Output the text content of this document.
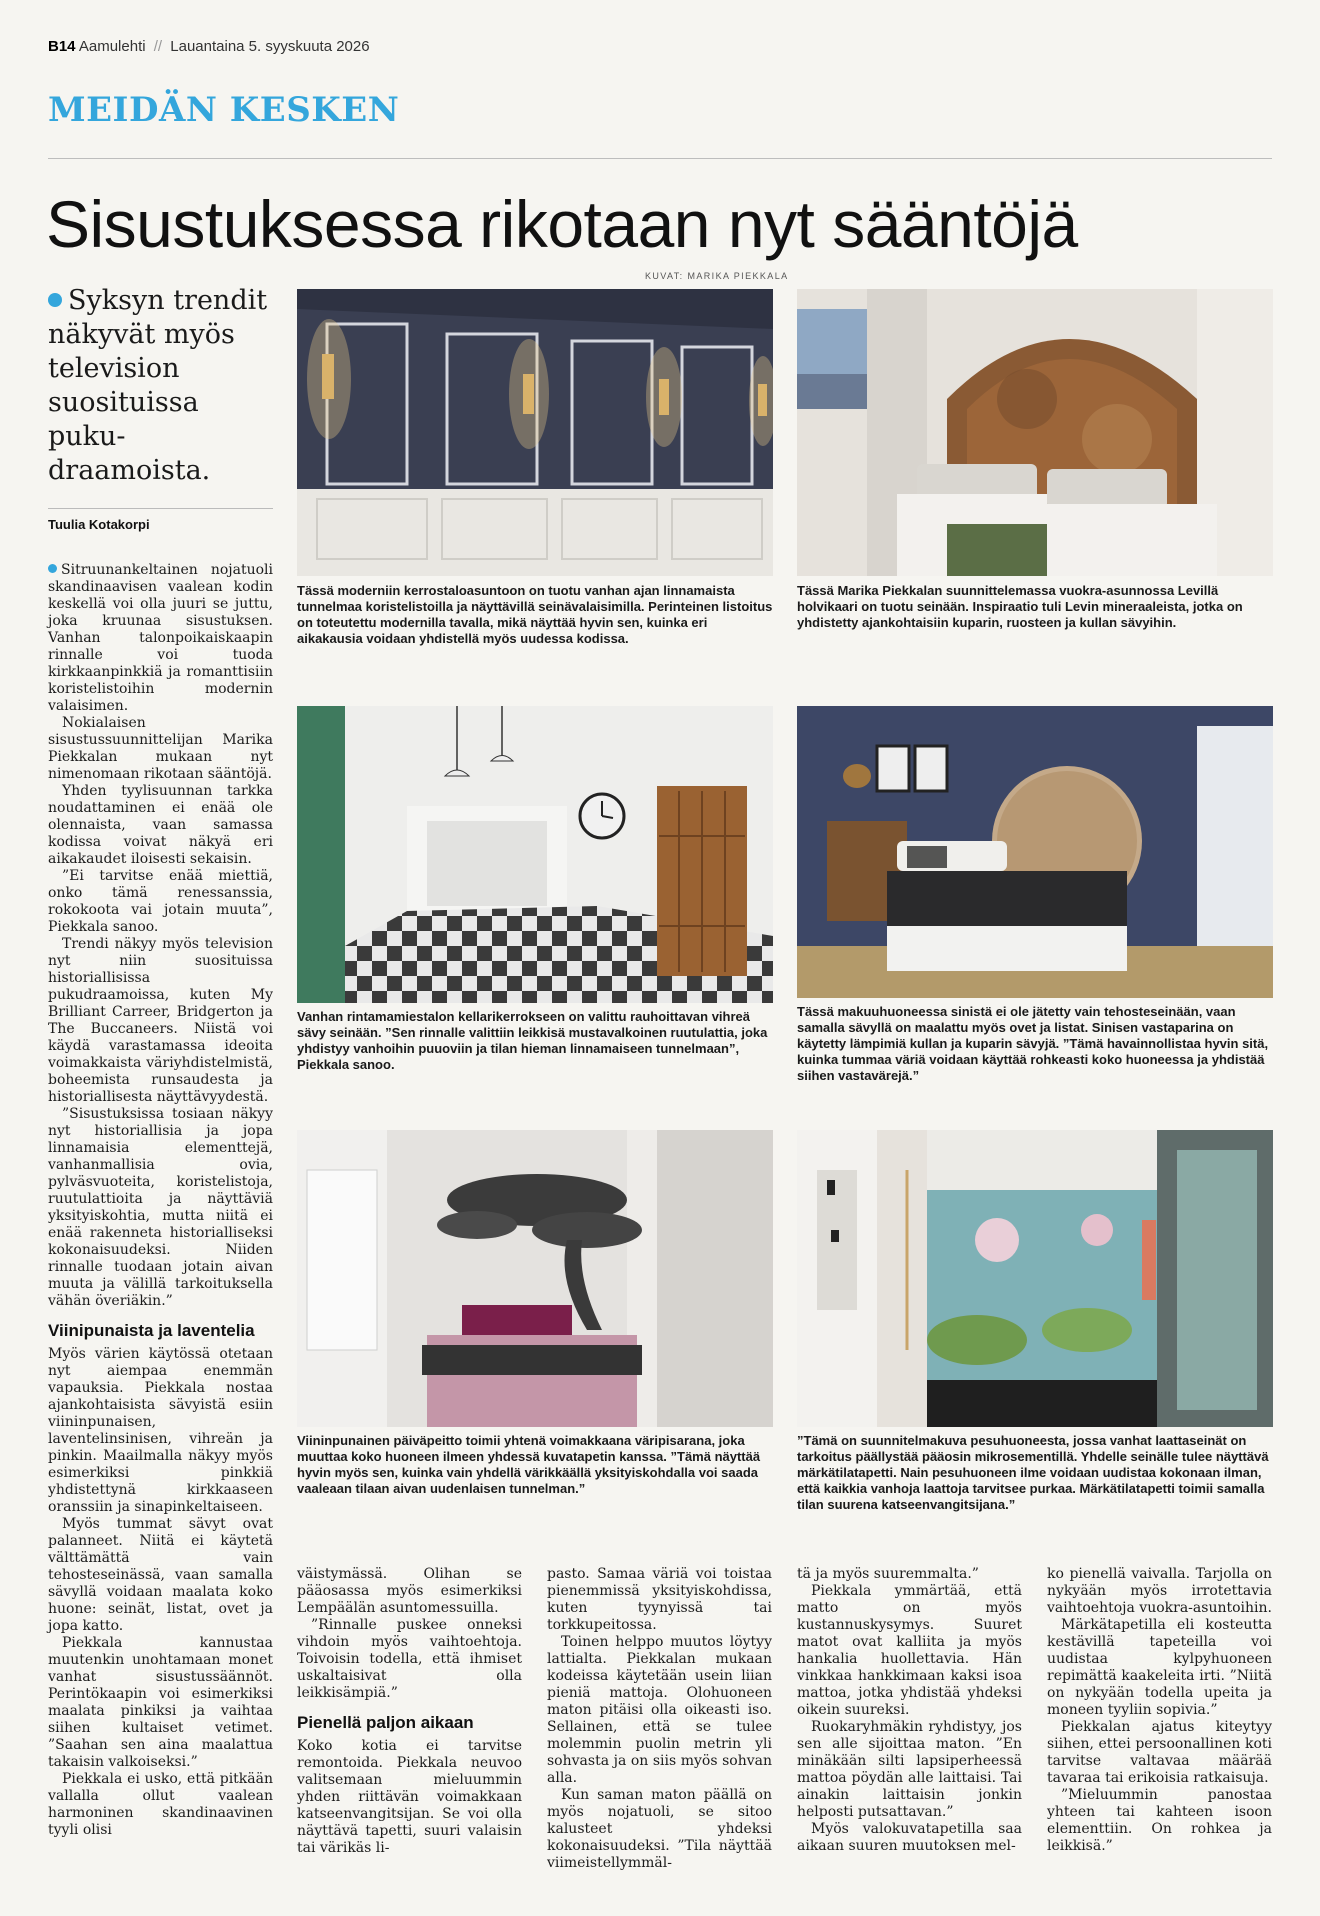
B14 Aamulehti // Lauantaina 5. syyskuuta 2026
MEIDÄN KESKEN
Sisustuksessa rikotaan nyt sääntöjä
KUVAT: MARIKA PIEKKALA
Syksyn trendit näkyvät myös television suosituissa puku-draamoista.
Tuulia Kotakorpi
Tässä moderniin kerrostaloasuntoon on tuotu vanhan ajan linnamaista tunnelmaa koristelistoilla ja näyttävillä seinävalaisimilla. Perinteinen listoitus on toteutettu modernilla tavalla, mikä näyttää hyvin sen, kuinka eri aikakausia voidaan yhdistellä myös uudessa kodissa.
Tässä Marika Piekkalan suunnittelemassa vuokra-asunnossa Levillä holvikaari on tuotu seinään. Inspiraatio tuli Levin mineraaleista, jotka on yhdistetty ajankohtaisiin kuparin, ruosteen ja kullan sävyihin.
Vanhan rintamamiestalon kellarikerrokseen on valittu rauhoittavan vihreä sävy seinään. ”Sen rinnalle valittiin leikkisä mustavalkoinen ruutulattia, joka yhdistyy vanhoihin puuoviin ja tilan hieman linnamaiseen tunnelmaan”, Piekkala sanoo.
Tässä makuuhuoneessa sinistä ei ole jätetty vain tehosteseinään, vaan samalla sävyllä on maalattu myös ovet ja listat. Sinisen vastaparina on käytetty lämpimiä kullan ja kuparin sävyjä. ”Tämä havainnollistaa hyvin sitä, kuinka tummaa väriä voidaan käyttää rohkeasti koko huoneessa ja yhdistää siihen vastavärejä.”
Viininpunainen päiväpeitto toimii yhtenä voimakkaana väripisarana, joka muuttaa koko huoneen ilmeen yhdessä kuvatapetin kanssa. ”Tämä näyttää hyvin myös sen, kuinka vain yhdellä värikkäällä yksityiskohdalla voi saada vaaleaan tilaan aivan uudenlaisen tunnelman.”
”Tämä on suunnitelmakuva pesuhuoneesta, jossa vanhat laattaseinät on tarkoitus päällystää pääosin mikrosementillä. Yhdelle seinälle tulee näyttävä märkätilatapetti. Nain pesuhuoneen ilme voidaan uudistaa kokonaan ilman, että kaikkia vanhoja laattoja tarvitsee purkaa. Märkätilatapetti toimii samalla tilan suurena katseenvangitsijana.”

Sitruunankeltainen nojatuoli skandinaavisen vaalean kodin keskellä voi olla juuri se juttu, joka kruunaa sisustuksen. Vanhan talonpoikaiskaapin rinnalle voi tuoda kirkkaanpinkkiä ja romanttisiin koristelistoihin modernin valaisimen.

Nokialaisen sisustussuunnittelijan Marika Piekkalan mukaan nyt nimenomaan rikotaan sääntöjä.

Yhden tyylisuunnan tarkka noudattaminen ei enää ole olennaista, vaan samassa kodissa voivat näkyä eri aikakaudet iloisesti sekaisin.

”Ei tarvitse enää miettiä, onko tämä renessanssia, rokokoota vai jotain muuta”, Piekkala sanoo.

Trendi näkyy myös television nyt niin suosituissa historiallisissa pukudraamoissa, kuten My Brilliant Carreer, Bridgerton ja The Buccaneers. Niistä voi käydä varastamassa ideoita voimakkaista väriyhdistelmistä, boheemista runsaudesta ja historiallisesta näyttävyydestä.

”Sisustuksissa tosiaan näkyy nyt historiallisia ja jopa linnamaisia elementtejä, vanhanmallisia ovia, pylväsvuoteita, koristelistoja, ruutulattioita ja näyttäviä yksityiskohtia, mutta niitä ei enää rakenneta historialliseksi kokonaisuudeksi. Niiden rinnalle tuodaan jotain aivan muuta ja välillä tarkoituksella vähän överiäkin.”

Viinipunaista ja laventelia

Myös värien käytössä otetaan nyt aiempaa enemmän vapauksia. Piekkala nostaa ajankohtaisista sävyistä esiin viininpunaisen, laventelinsinisen, vihreän ja pinkin. Maailmalla näkyy myös esimerkiksi pinkkiä yhdistettynä kirkkaaseen oranssiin ja sinapinkeltaiseen.

Myös tummat sävyt ovat palanneet. Niitä ei käytetä välttämättä vain tehosteseinässä, vaan samalla sävyllä voidaan maalata koko huone: seinät, listat, ovet ja jopa katto.

Piekkala kannustaa muutenkin unohtamaan monet vanhat sisustussäännöt. Perintökaapin voi esimerkiksi maalata pinkiksi ja vaihtaa siihen kultaiset vetimet. ”Saahan sen aina maalattua takaisin valkoiseksi.”

Piekkala ei usko, että pitkään vallalla ollut vaalean harmoninen skandinaavinen tyyli olisi

väistymässä. Olihan se pääosassa myös esimerkiksi Lempäälän asuntomessuilla.

”Rinnalle puskee onneksi vihdoin myös vaihtoehtoja. Toivoisin todella, että ihmiset uskaltaisivat olla leikkisämpiä.”

Pienellä paljon aikaan

Koko kotia ei tarvitse remontoida. Piekkala neuvoo valitsemaan mieluummin yhden riittävän voimakkaan katseenvangitsijan. Se voi olla näyttävä tapetti, suuri valaisin tai värikäs li-

pasto. Samaa väriä voi toistaa pienemmissä yksityiskohdissa, kuten tyynyissä tai torkkupeitossa.

Toinen helppo muutos löytyy lattialta. Piekkalan mukaan kodeissa käytetään usein liian pieniä mattoja. Olohuoneen maton pitäisi olla oikeasti iso. Sellainen, että se tulee molemmin puolin metrin yli sohvasta ja on siis myös sohvan alla.

Kun saman maton päällä on myös nojatuoli, se sitoo kalusteet yhdeksi kokonaisuudeksi. ”Tila näyttää viimeistellymmäl-

tä ja myös suuremmalta.”

Piekkala ymmärtää, että matto on myös kustannuskysymys. Suuret matot ovat kalliita ja myös hankalia huollettavia. Hän vinkkaa hankkimaan kaksi isoa mattoa, jotka yhdistää yhdeksi oikein suureksi.

Ruokaryhmäkin ryhdistyy, jos sen alle sijoittaa maton. ”En minäkään silti lapsiperheessä mattoa pöydän alle laittaisi. Tai ainakin laittaisin jonkin helposti putsattavan.”

Myös valokuvatapetilla saa aikaan suuren muutoksen mel-

ko pienellä vaivalla. Tarjolla on nykyään myös irrotettavia vaihtoehtoja vuokra-asuntoihin.

Märkätapetilla eli kosteutta kestävillä tapeteilla voi uudistaa kylpyhuoneen repimättä kaakeleita irti. ”Niitä on nykyään todella upeita ja moneen tyyliin sopivia.”

Piekkalan ajatus kiteytyy siihen, ettei persoonallinen koti tarvitse valtavaa määrää tavaraa tai erikoisia ratkaisuja.

”Mieluummin panostaa yhteen tai kahteen isoon elementtiin. On rohkea ja leikkisä.”
